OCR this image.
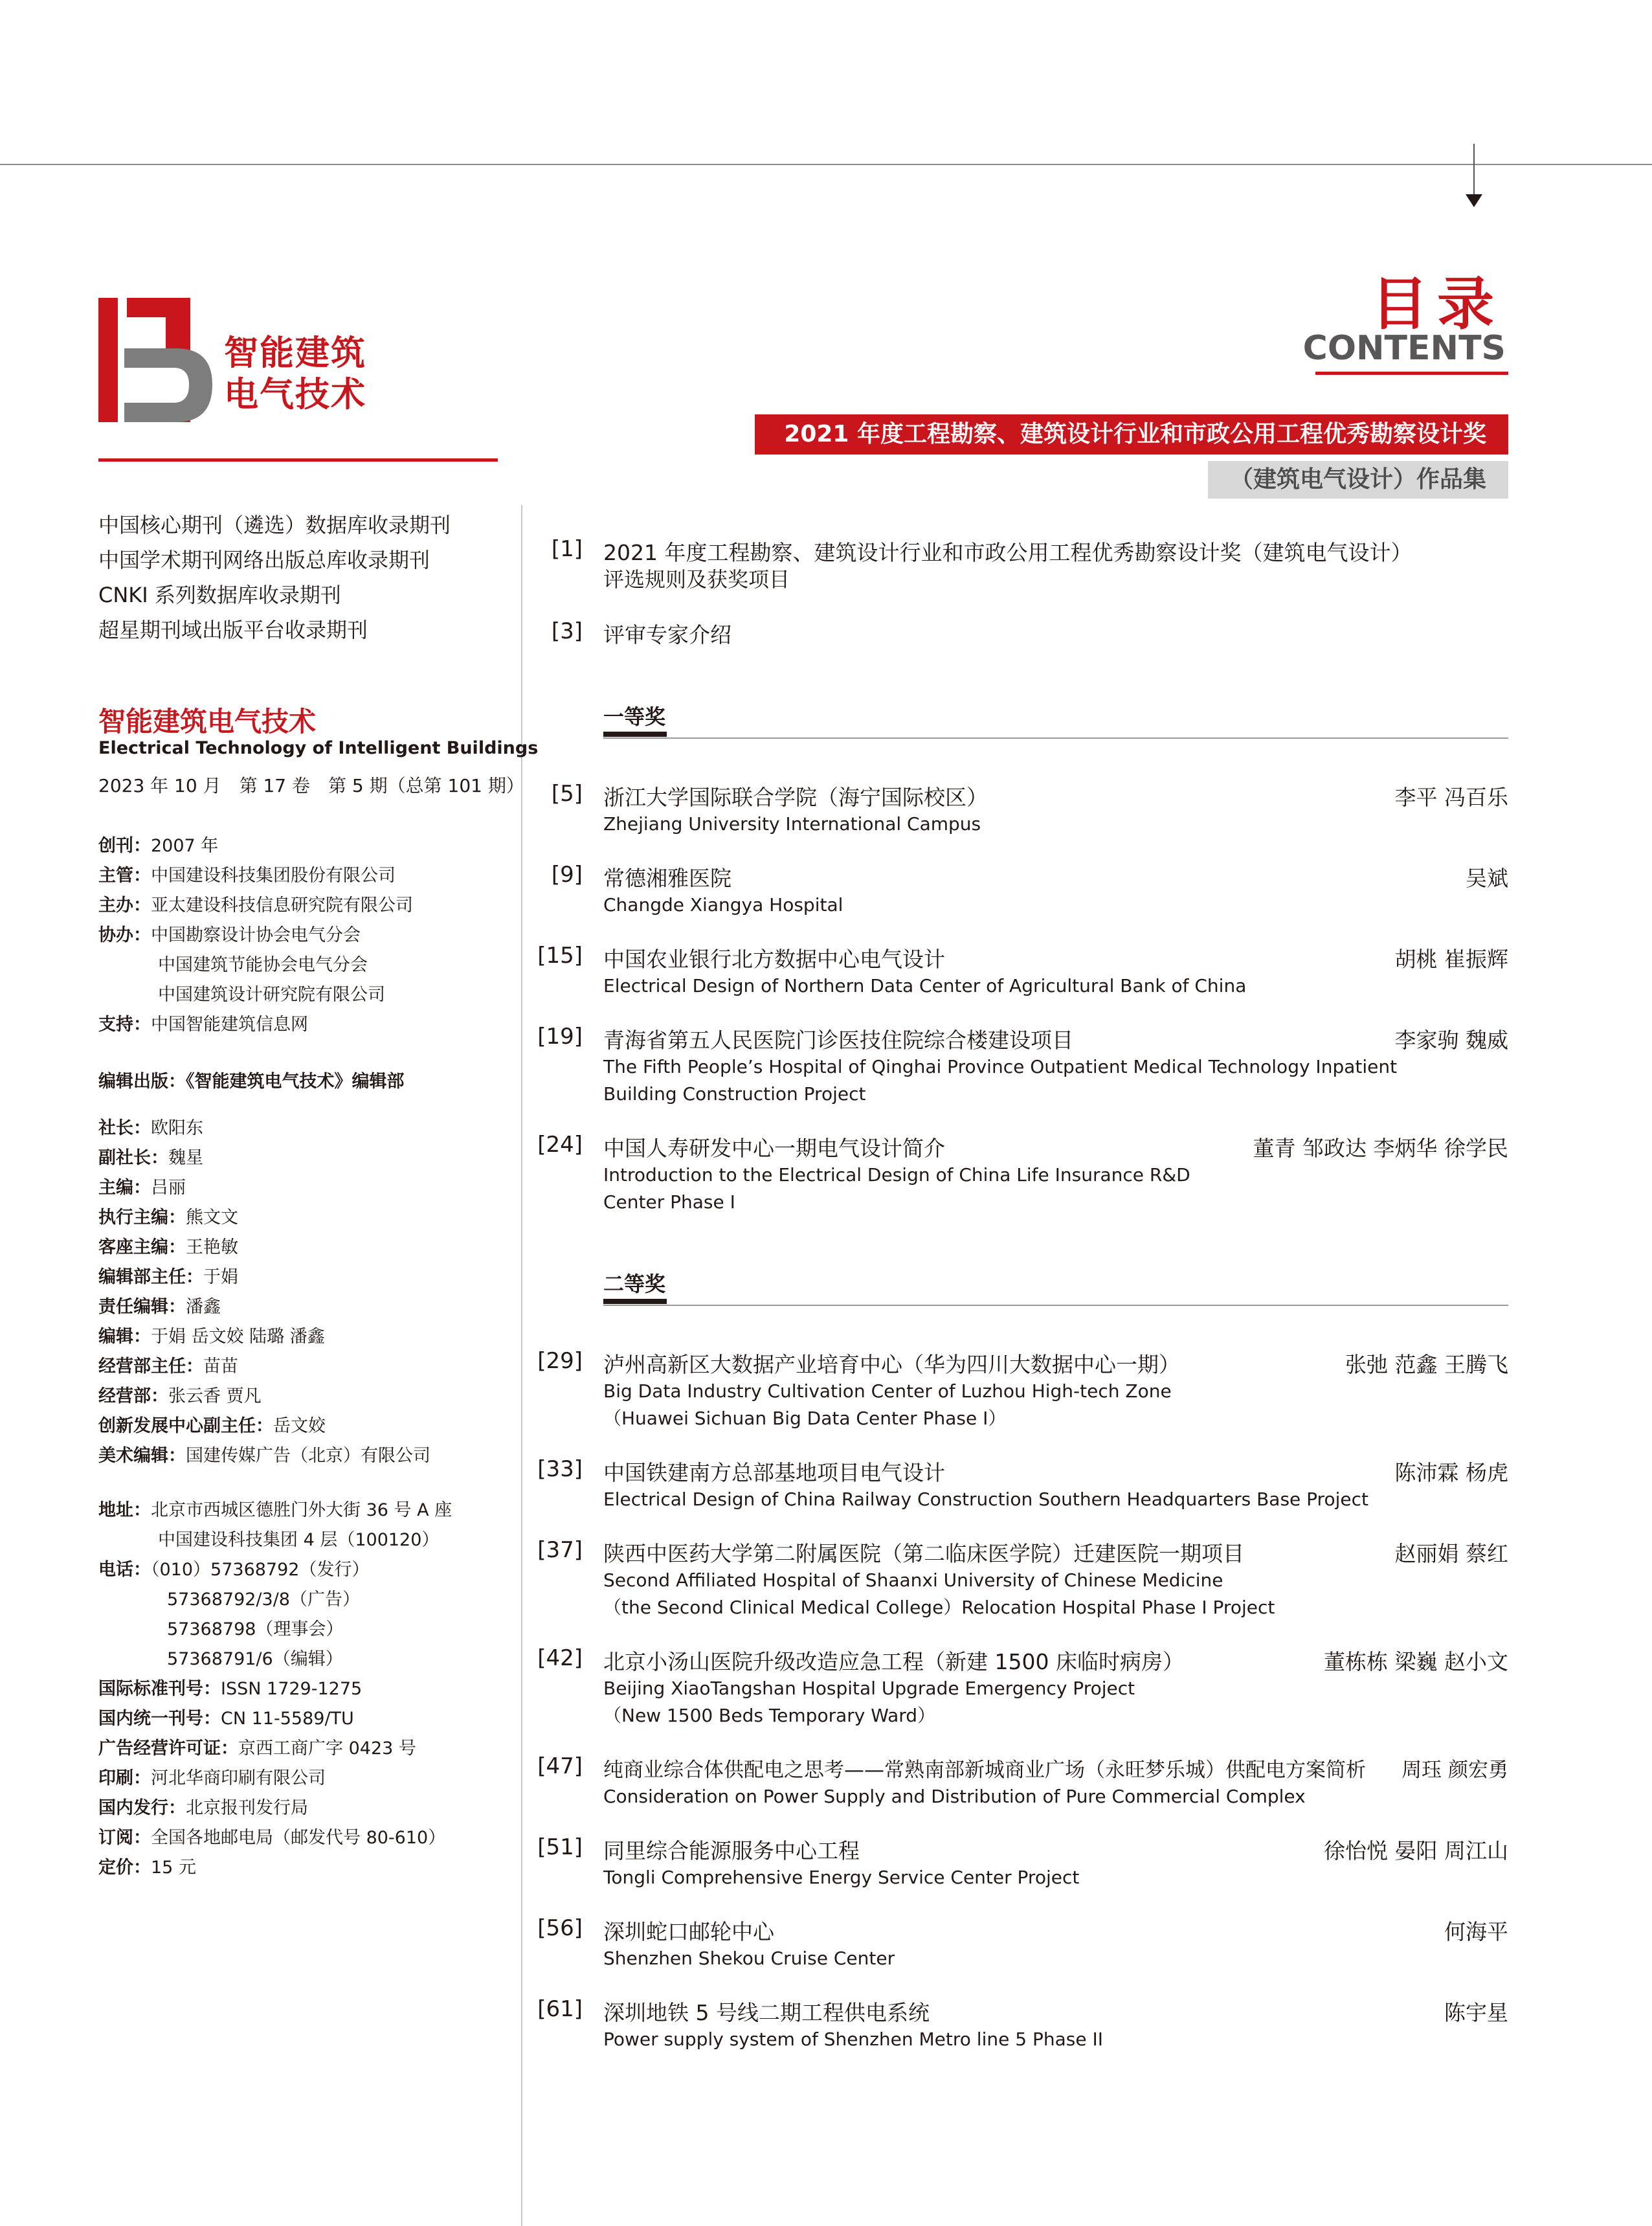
智能建筑
电气技术
中国核心期刊（遴选）数据库收录期刊
中国学术期刊网络出版总库收录期刊
CNKI 系列数据库收录期刊
超星期刊域出版平台收录期刊
智能建筑电气技术
Electrical Technology of Intelligent Buildings
2023 年 10 月　第 17 卷　第 5 期（总第 101 期）
创刊：2007 年
主管：中国建设科技集团股份有限公司
主办：亚太建设科技信息研究院有限公司
协办：中国勘察设计协会电气分会
中国建筑节能协会电气分会
中国建筑设计研究院有限公司
支持：中国智能建筑信息网
编辑出版：《智能建筑电气技术》编辑部
社长：欧阳东
副社长：魏星
主编：吕丽
执行主编：熊文文
客座主编：王艳敏
编辑部主任：于娟
责任编辑：潘鑫
编辑：于娟 岳文姣 陆璐 潘鑫
经营部主任：苗苗
经营部：张云香 贾凡
创新发展中心副主任：岳文姣
美术编辑：国建传媒广告（北京）有限公司
地址：北京市西城区德胜门外大街 36 号 A 座
中国建设科技集团 4 层（100120）
电话：（010）57368792（发行）
57368792/3/8（广告）
57368798（理事会）
57368791/6（编辑）
国际标准刊号：ISSN 1729-1275
国内统一刊号：CN 11-5589/TU
广告经营许可证：京西工商广字 0423 号
印刷：河北华商印刷有限公司
国内发行：北京报刊发行局
订阅：全国各地邮电局（邮发代号 80-610）
定价：15 元
目录
CONTENTS
2021 年度工程勘察、建筑设计行业和市政公用工程优秀勘察设计奖
（建筑电气设计）作品集
[1] 2021 年度工程勘察、建筑设计行业和市政公用工程优秀勘察设计奖（建筑电气设计）
评选规则及获奖项目
[3] 评审专家介绍
一等奖
[5] 浙江大学国际联合学院（海宁国际校区）
Zhejiang University International Campus
李平 冯百乐
[9] 常德湘雅医院
Changde Xiangya Hospital
吴斌
[15] 中国农业银行北方数据中心电气设计
Electrical Design of Northern Data Center of Agricultural Bank of China
胡桃 崔振辉
[19] 青海省第五人民医院门诊医技住院综合楼建设项目
The Fifth People’s Hospital of Qinghai Province Outpatient Medical Technology Inpatient
Building Construction Project
李家驹 魏威
[24] 中国人寿研发中心一期电气设计简介
Introduction to the Electrical Design of China Life Insurance R&D
Center Phase I
董青 邹政达 李炳华 徐学民
二等奖
[29] 泸州高新区大数据产业培育中心（华为四川大数据中心一期）
Big Data Industry Cultivation Center of Luzhou High-tech Zone
（Huawei Sichuan Big Data Center Phase I）
张弛 范鑫 王腾飞
[33] 中国铁建南方总部基地项目电气设计
Electrical Design of China Railway Construction Southern Headquarters Base Project
陈沛霖 杨虎
[37] 陕西中医药大学第二附属医院（第二临床医学院）迁建医院一期项目
Second Affiliated Hospital of Shaanxi University of Chinese Medicine
（the Second Clinical Medical College）Relocation Hospital Phase I Project
赵丽娟 蔡红
[42] 北京小汤山医院升级改造应急工程（新建 1500 床临时病房）
Beijing XiaoTangshan Hospital Upgrade Emergency Project
（New 1500 Beds Temporary Ward）
董栋栋 梁巍 赵小文
[47] 纯商业综合体供配电之思考——常熟南部新城商业广场（永旺梦乐城）供配电方案简析
Consideration on Power Supply and Distribution of Pure Commercial Complex
周珏 颜宏勇
[51] 同里综合能源服务中心工程
Tongli Comprehensive Energy Service Center Project
徐怡悦 晏阳 周江山
[56] 深圳蛇口邮轮中心
Shenzhen Shekou Cruise Center
何海平
[61] 深圳地铁 5 号线二期工程供电系统
Power supply system of Shenzhen Metro line 5 Phase II
陈宇星
